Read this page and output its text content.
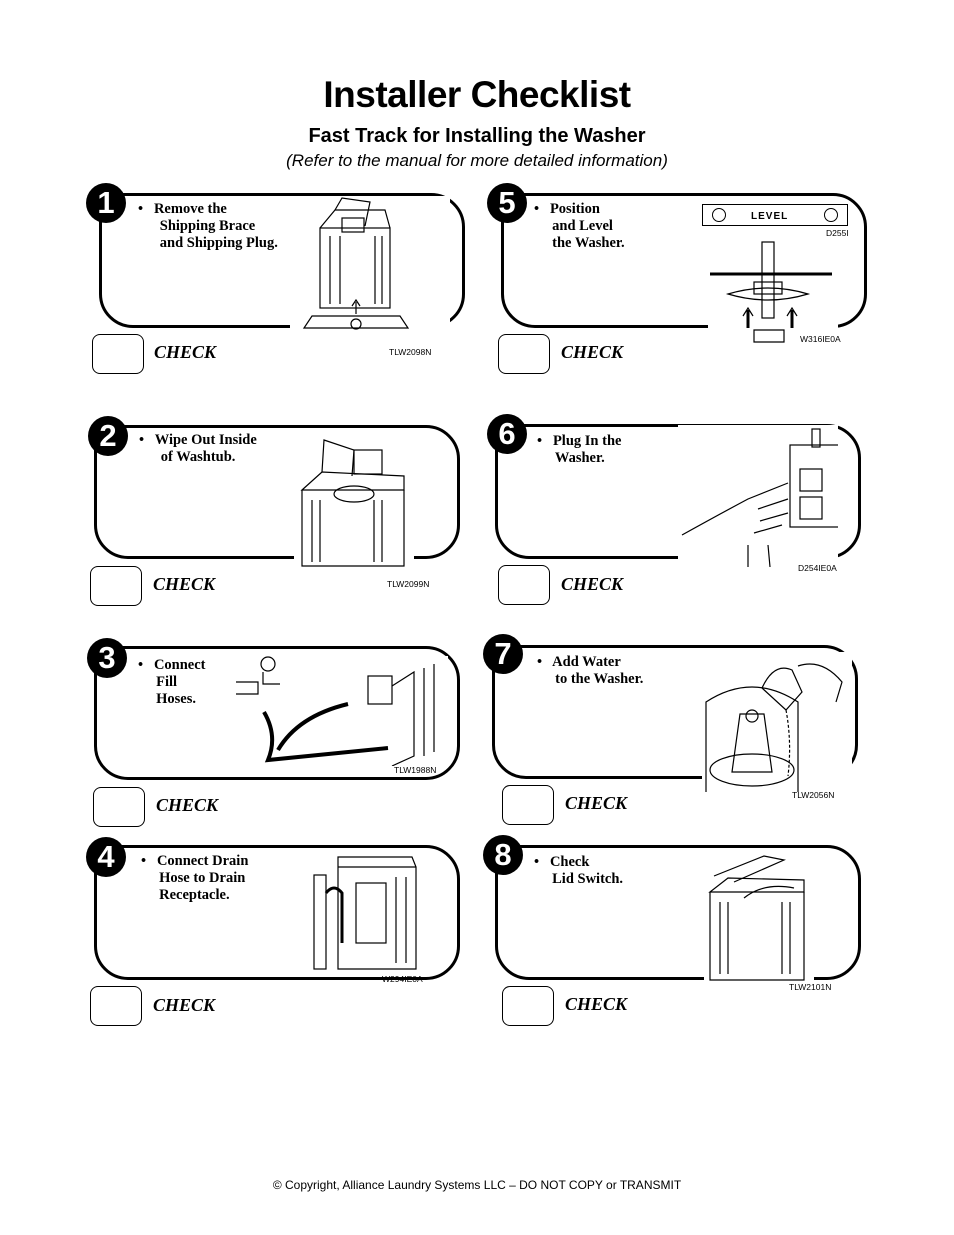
Installer Checklist
Fast Track for Installing the Washer
(Refer to the manual for more detailed information)
1	• Remove the
Shipping Brace
and Shipping Plug.
TLW2098N
CHECK
2	• Wipe Out Inside
of Washtub.
TLW2099N
CHECK
3	• Connect
Fill
Hoses.
TLW1988N
CHECK
4	• Connect Drain
Hose to Drain
Receptacle.
W294IE0A
CHECK
5	• Position
and Level
the Washer.
LEVEL
D255I
W316IE0A
CHECK
6	• Plug In the
Washer.
D254IE0A
CHECK
7	• Add Water
to the Washer.
TLW2056N
CHECK
8	• Check
Lid Switch.
TLW2101N
CHECK
© Copyright, Alliance Laundry Systems LLC – DO NOT COPY or TRANSMIT
